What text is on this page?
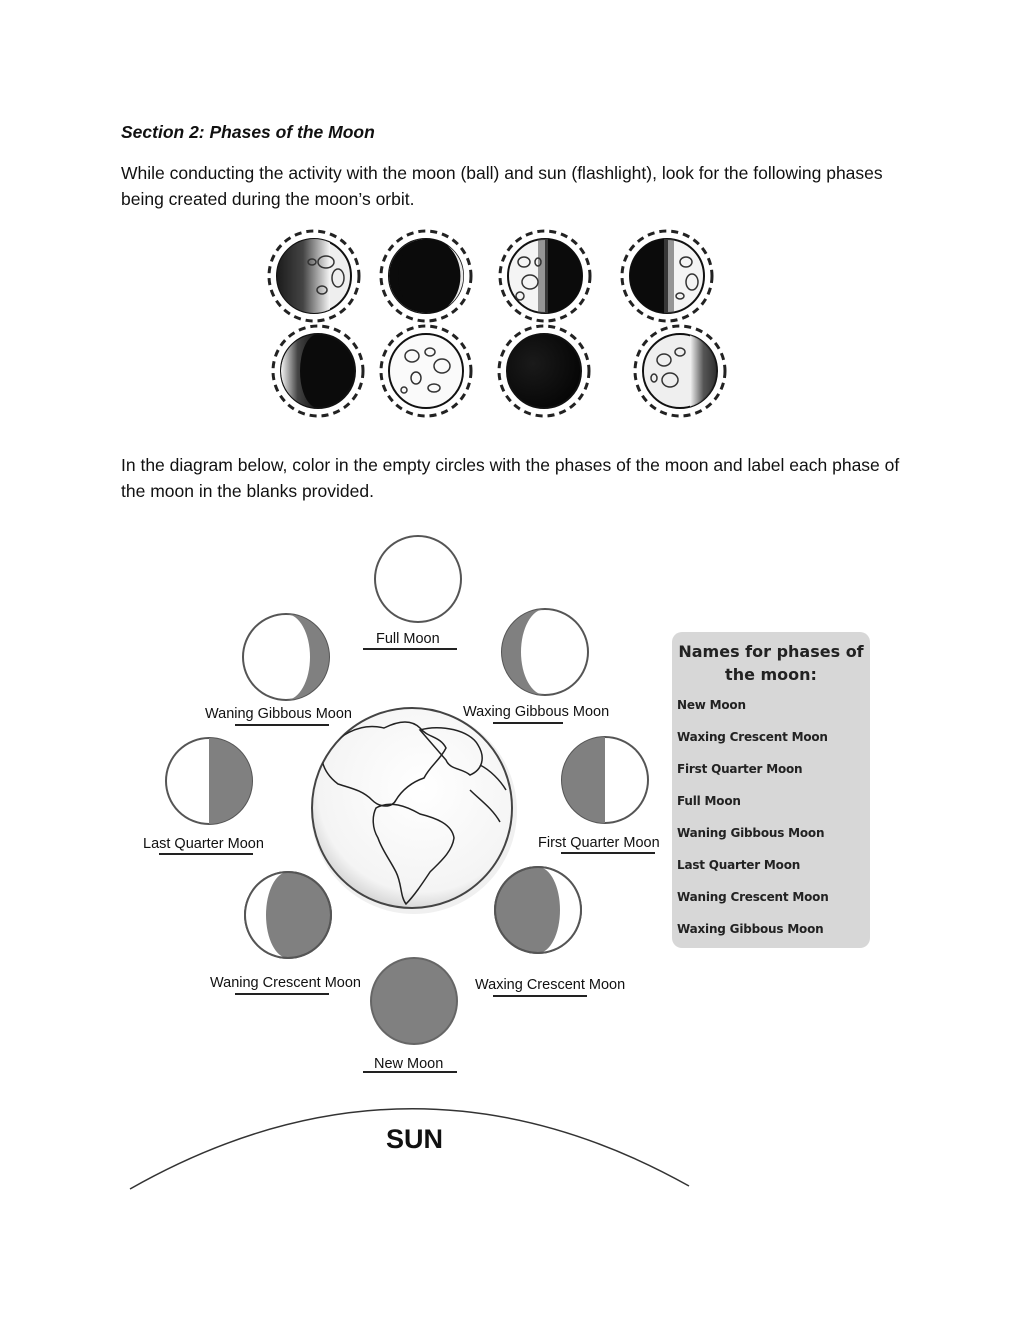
Section 2: Phases of the Moon
While conducting the activity with the moon (ball) and sun (flashlight), look for the following phases being created during the moon’s orbit.
In the diagram below, color in the empty circles with the phases of the moon and label each phase of the moon in the blanks provided.
Full Moon
Waning Gibbous Moon	Waxing Gibbous Moon
Last Quarter Moon	First Quarter Moon
Waning Crescent Moon	Waxing Crescent Moon
New Moon
SUN
Names for phases of
the moon:
New Moon
Waxing Crescent Moon
First Quarter Moon
Full Moon
Waning Gibbous Moon
Last Quarter Moon
Waning Crescent Moon
Waxing Gibbous Moon
